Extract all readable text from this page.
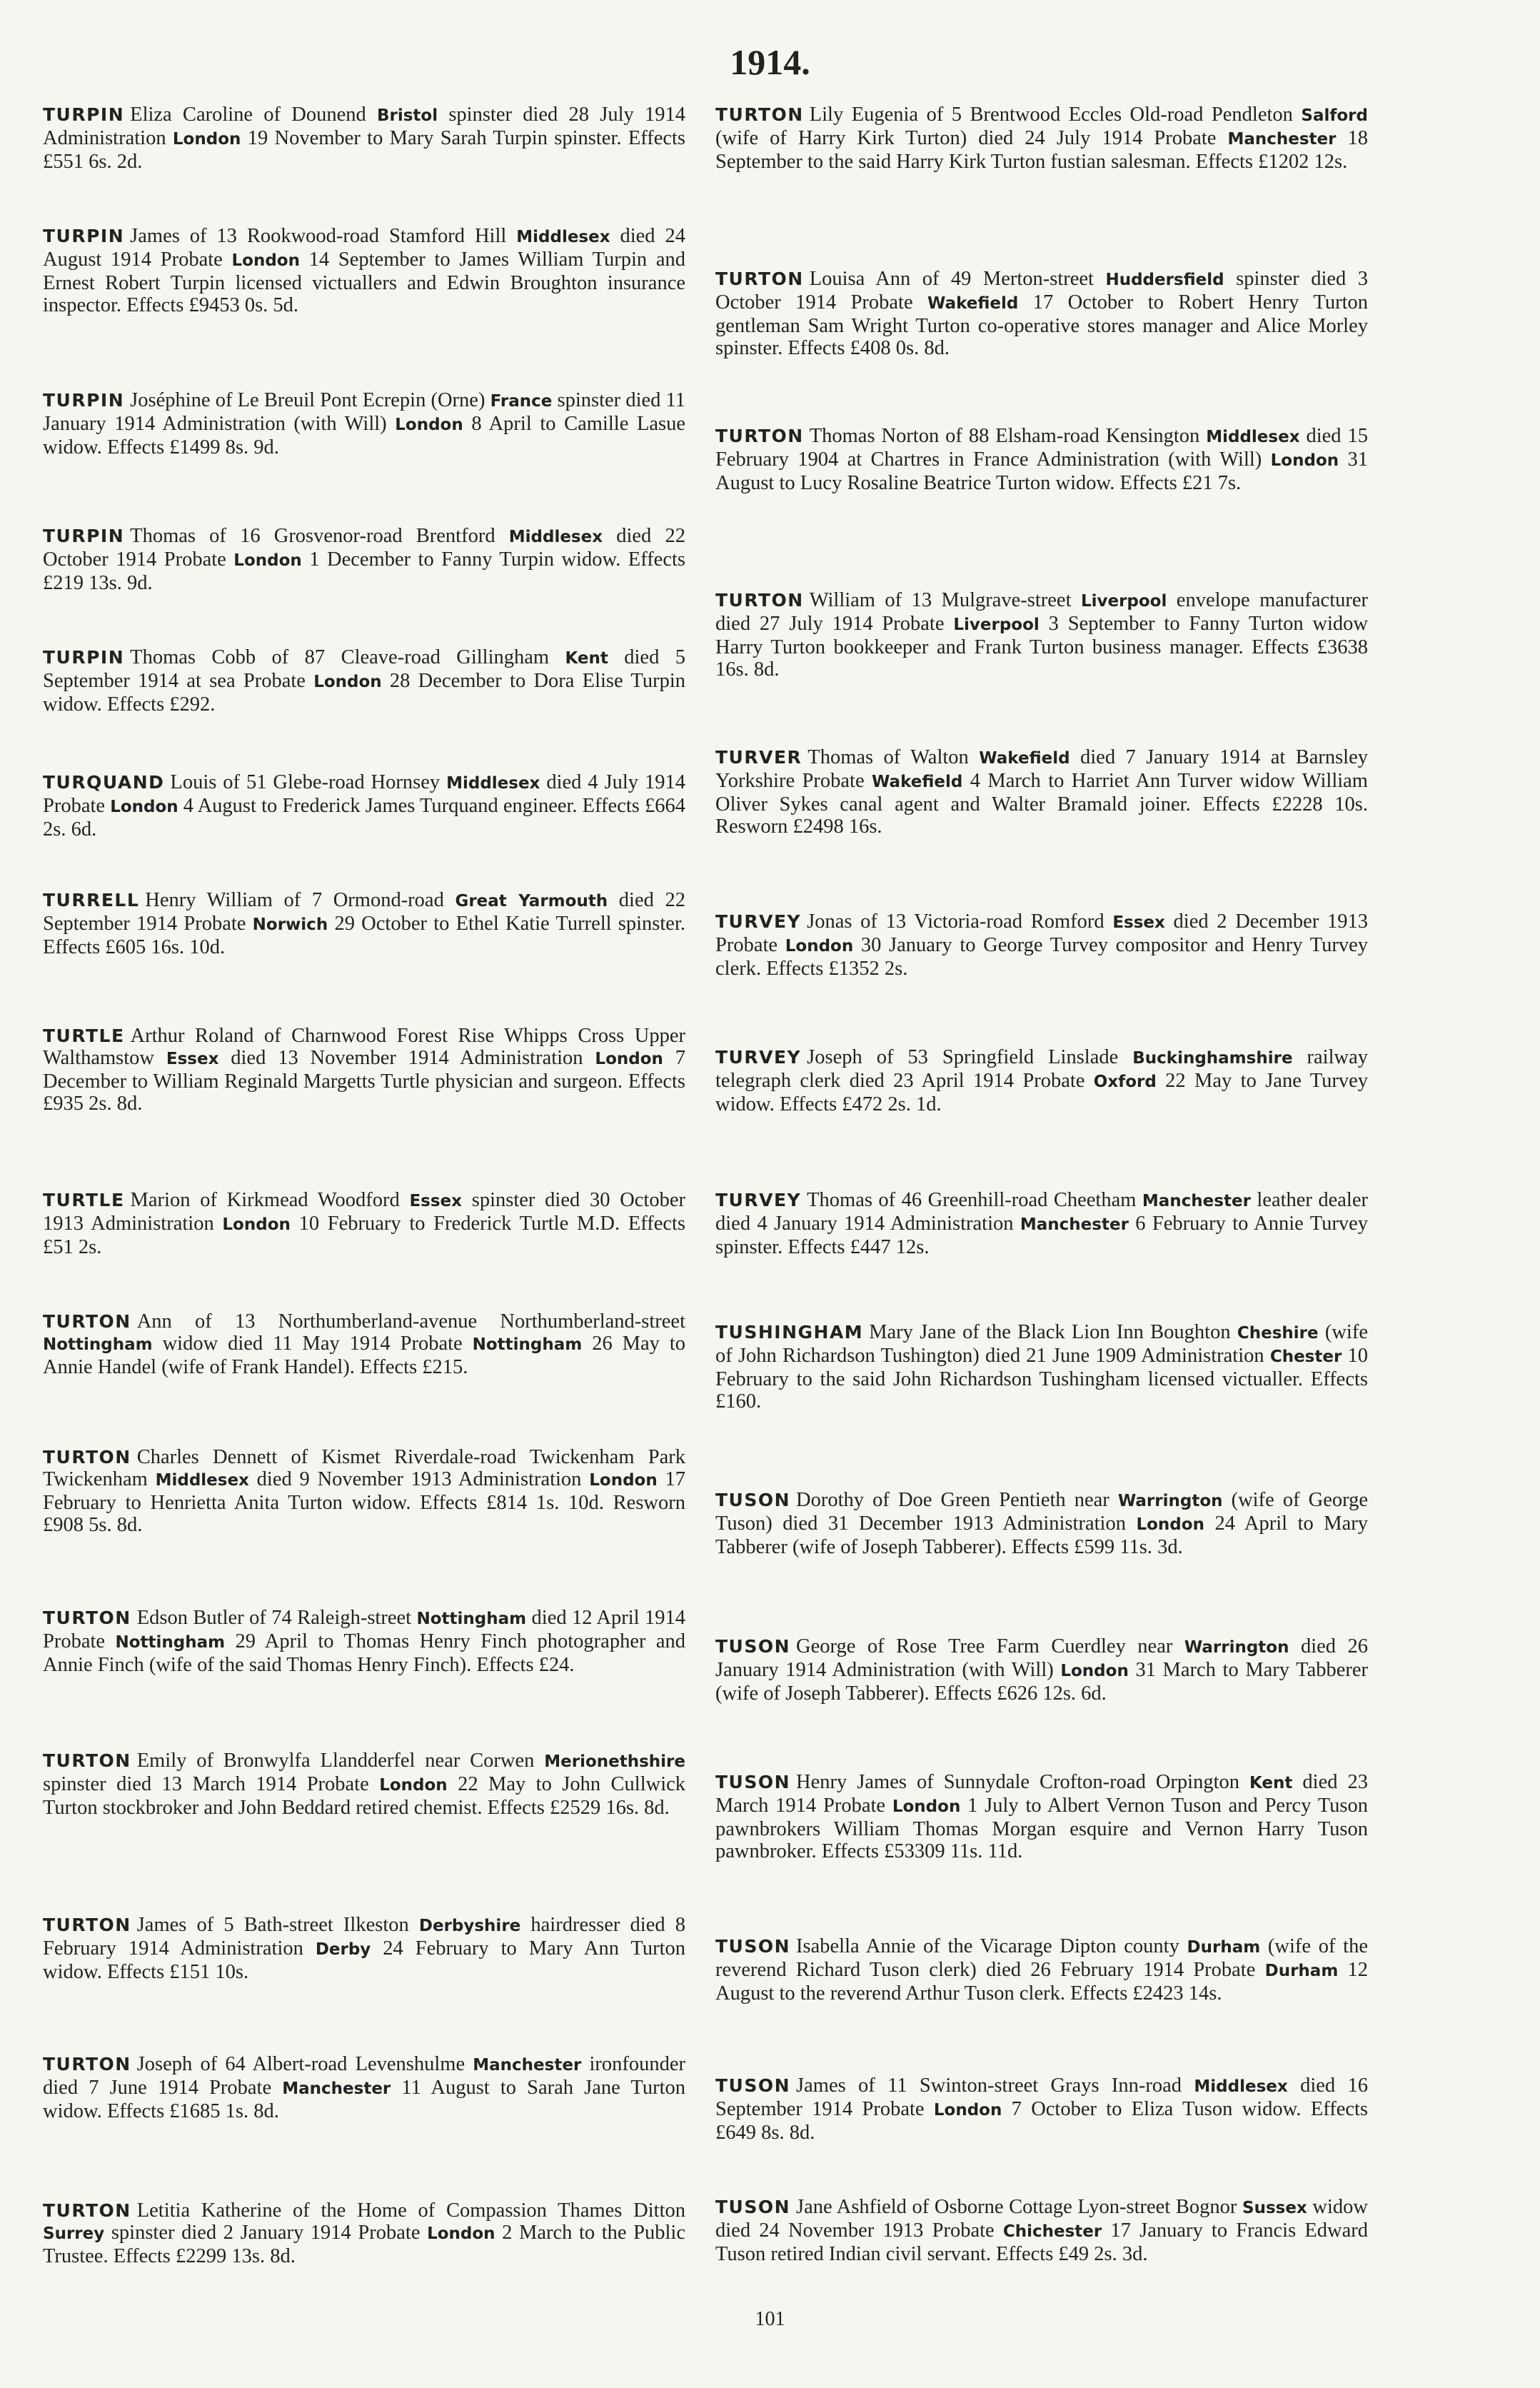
1914.
TURPIN Eliza Caroline of Dounend Bristol spinster died 28 July 1914 Administration London 19 November to Mary Sarah Turpin spinster. Effects £551 6s. 2d.
TURPIN James of 13 Rookwood-road Stamford Hill Middlesex died 24 August 1914 Probate London 14 September to James William Turpin and Ernest Robert Turpin licensed victuallers and Edwin Broughton insurance inspector. Effects £9453 0s. 5d.
TURPIN Joséphine of Le Breuil Pont Ecrepin (Orne) France spinster died 11 January 1914 Administration (with Will) London 8 April to Camille Lasue widow. Effects £1499 8s. 9d.
TURPIN Thomas of 16 Grosvenor-road Brentford Middlesex died 22 October 1914 Probate London 1 December to Fanny Turpin widow. Effects £219 13s. 9d.
TURPIN Thomas Cobb of 87 Cleave-road Gillingham Kent died 5 September 1914 at sea Probate London 28 December to Dora Elise Turpin widow. Effects £292.
TURQUAND Louis of 51 Glebe-road Hornsey Middlesex died 4 July 1914 Probate London 4 August to Frederick James Turquand engineer. Effects £664 2s. 6d.
TURRELL Henry William of 7 Ormond-road Great Yarmouth died 22 September 1914 Probate Norwich 29 October to Ethel Katie Turrell spinster. Effects £605 16s. 10d.
TURTLE Arthur Roland of Charnwood Forest Rise Whipps Cross Upper Walthamstow Essex died 13 November 1914 Administration London 7 December to William Reginald Margetts Turtle physician and surgeon. Effects £935 2s. 8d.
TURTLE Marion of Kirkmead Woodford Essex spinster died 30 October 1913 Administration London 10 February to Frederick Turtle M.D. Effects £51 2s.
TURTON Ann of 13 Northumberland-avenue Northumberland-street Nottingham widow died 11 May 1914 Probate Nottingham 26 May to Annie Handel (wife of Frank Handel). Effects £215.
TURTON Charles Dennett of Kismet Riverdale-road Twickenham Park Twickenham Middlesex died 9 November 1913 Administration London 17 February to Henrietta Anita Turton widow. Effects £814 1s. 10d. Resworn £908 5s. 8d.
TURTON Edson Butler of 74 Raleigh-street Nottingham died 12 April 1914 Probate Nottingham 29 April to Thomas Henry Finch photographer and Annie Finch (wife of the said Thomas Henry Finch). Effects £24.
TURTON Emily of Bronwylfa Llandderfel near Corwen Merionethshire spinster died 13 March 1914 Probate London 22 May to John Cullwick Turton stockbroker and John Beddard retired chemist. Effects £2529 16s. 8d.
TURTON James of 5 Bath-street Ilkeston Derbyshire hairdresser died 8 February 1914 Administration Derby 24 February to Mary Ann Turton widow. Effects £151 10s.
TURTON Joseph of 64 Albert-road Levenshulme Manchester ironfounder died 7 June 1914 Probate Manchester 11 August to Sarah Jane Turton widow. Effects £1685 1s. 8d.
TURTON Letitia Katherine of the Home of Compassion Thames Ditton Surrey spinster died 2 January 1914 Probate London 2 March to the Public Trustee. Effects £2299 13s. 8d.
TURTON Lily Eugenia of 5 Brentwood Eccles Old-road Pendleton Salford (wife of Harry Kirk Turton) died 24 July 1914 Probate Manchester 18 September to the said Harry Kirk Turton fustian salesman. Effects £1202 12s.
TURTON Louisa Ann of 49 Merton-street Huddersfield spinster died 3 October 1914 Probate Wakefield 17 October to Robert Henry Turton gentleman Sam Wright Turton co-operative stores manager and Alice Morley spinster. Effects £408 0s. 8d.
TURTON Thomas Norton of 88 Elsham-road Kensington Middlesex died 15 February 1904 at Chartres in France Administration (with Will) London 31 August to Lucy Rosaline Beatrice Turton widow. Effects £21 7s.
TURTON William of 13 Mulgrave-street Liverpool envelope manufacturer died 27 July 1914 Probate Liverpool 3 September to Fanny Turton widow Harry Turton bookkeeper and Frank Turton business manager. Effects £3638 16s. 8d.
TURVER Thomas of Walton Wakefield died 7 January 1914 at Barnsley Yorkshire Probate Wakefield 4 March to Harriet Ann Turver widow William Oliver Sykes canal agent and Walter Bramald joiner. Effects £2228 10s. Resworn £2498 16s.
TURVEY Jonas of 13 Victoria-road Romford Essex died 2 December 1913 Probate London 30 January to George Turvey compositor and Henry Turvey clerk. Effects £1352 2s.
TURVEY Joseph of 53 Springfield Linslade Buckinghamshire railway telegraph clerk died 23 April 1914 Probate Oxford 22 May to Jane Turvey widow. Effects £472 2s. 1d.
TURVEY Thomas of 46 Greenhill-road Cheetham Manchester leather dealer died 4 January 1914 Administration Manchester 6 February to Annie Turvey spinster. Effects £447 12s.
TUSHINGHAM Mary Jane of the Black Lion Inn Boughton Cheshire (wife of John Richardson Tushington) died 21 June 1909 Administration Chester 10 February to the said John Richardson Tushingham licensed victualler. Effects £160.
TUSON Dorothy of Doe Green Pentieth near Warrington (wife of George Tuson) died 31 December 1913 Administration London 24 April to Mary Tabberer (wife of Joseph Tabberer). Effects £599 11s. 3d.
TUSON George of Rose Tree Farm Cuerdley near Warrington died 26 January 1914 Administration (with Will) London 31 March to Mary Tabberer (wife of Joseph Tabberer). Effects £626 12s. 6d.
TUSON Henry James of Sunnydale Crofton-road Orpington Kent died 23 March 1914 Probate London 1 July to Albert Vernon Tuson and Percy Tuson pawnbrokers William Thomas Morgan esquire and Vernon Harry Tuson pawnbroker. Effects £53309 11s. 11d.
TUSON Isabella Annie of the Vicarage Dipton county Durham (wife of the reverend Richard Tuson clerk) died 26 February 1914 Probate Durham 12 August to the reverend Arthur Tuson clerk. Effects £2423 14s.
TUSON James of 11 Swinton-street Grays Inn-road Middlesex died 16 September 1914 Probate London 7 October to Eliza Tuson widow. Effects £649 8s. 8d.
TUSON Jane Ashfield of Osborne Cottage Lyon-street Bognor Sussex widow died 24 November 1913 Probate Chichester 17 January to Francis Edward Tuson retired Indian civil servant. Effects £49 2s. 3d.
101
